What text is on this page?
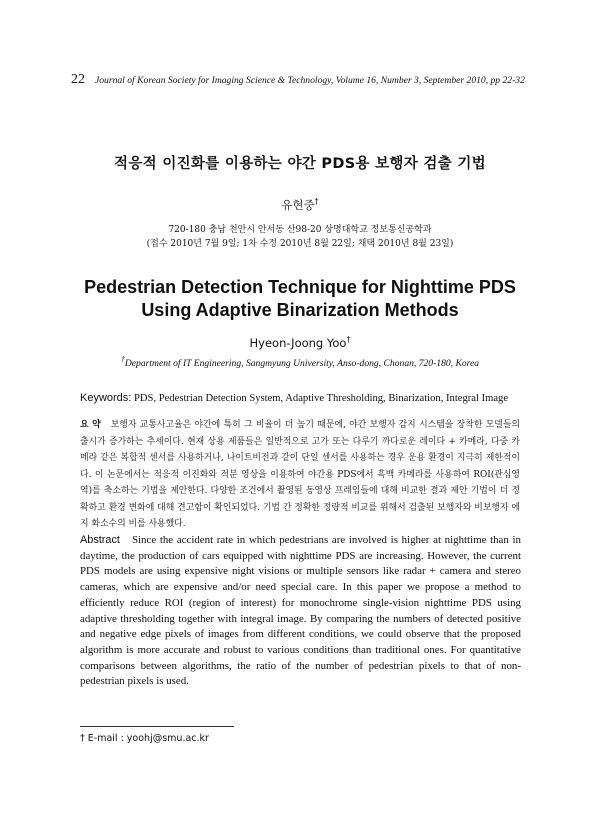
22 Journal of Korean Society for Imaging Science & Technology, Volume 16, Number 3, September 2010, pp 22-32
적응적 이진화를 이용하는 야간 PDS용 보행자 검출 기법
유현중†
720-180 충남 천안시 안서동 산98-20 상명대학교 정보통신공학과
(접수 2010년 7월 9일; 1차 수정 2010년 8월 22일; 채택 2010년 8월 23일)
Pedestrian Detection Technique for Nighttime PDS
Using Adaptive Binarization Methods
Hyeon-Joong Yoo†
†Department of IT Engineering, Sangmyung University, Anso-dong, Chonan, 720-180, Korea
Keywords: PDS, Pedestrian Detection System, Adaptive Thresholding, Binarization, Integral Image
요 약 보행자 교통사고율은 야간에 특히 그 비율이 더 높기 때문에, 야간 보행자 감지 시스템을 장착한 모델들의 출시가 증가하는 추세이다. 현재 상용 제품들은 일반적으로 고가 또는 다루기 까다로운 레이다 + 카메라, 다중 카메라 같은 복합적 센서를 사용하거나, 나이트비전과 같이 단일 센서를 사용하는 경우 운용 환경이 지극히 제한적이다. 이 논문에서는 적응적 이진화와 적분 영상을 이용하여 야간용 PDS에서 흑백 카메라를 사용하여 ROI(관심영역)를 축소하는 기법을 제안한다. 다양한 조건에서 촬영된 동영상 프레임들에 대해 비교한 결과 제안 기법이 더 정확하고 환경 변화에 대해 견고함이 확인되었다. 기법 간 정확한 정량적 비교를 위해서 검출된 보행자와 비보행자 에지 화소수의 비를 사용했다.
Abstract Since the accident rate in which pedestrians are involved is higher at nighttime than in daytime, the production of cars equipped with nighttime PDS are increasing. However, the current PDS models are using expensive night visions or multiple sensors like radar + camera and stereo cameras, which are expensive and/or need special care. In this paper we propose a method to efficiently reduce ROI (region of interest) for monochrome single-vision nighttime PDS using adaptive thresholding together with integral image. By comparing the numbers of detected positive and negative edge pixels of images from different conditions, we could observe that the proposed algorithm is more accurate and robust to various conditions than traditional ones. For quantitative comparisons between algorithms, the ratio of the number of pedestrian pixels to that of non-pedestrian pixels is used.
† E-mail : yoohj@smu.ac.kr
